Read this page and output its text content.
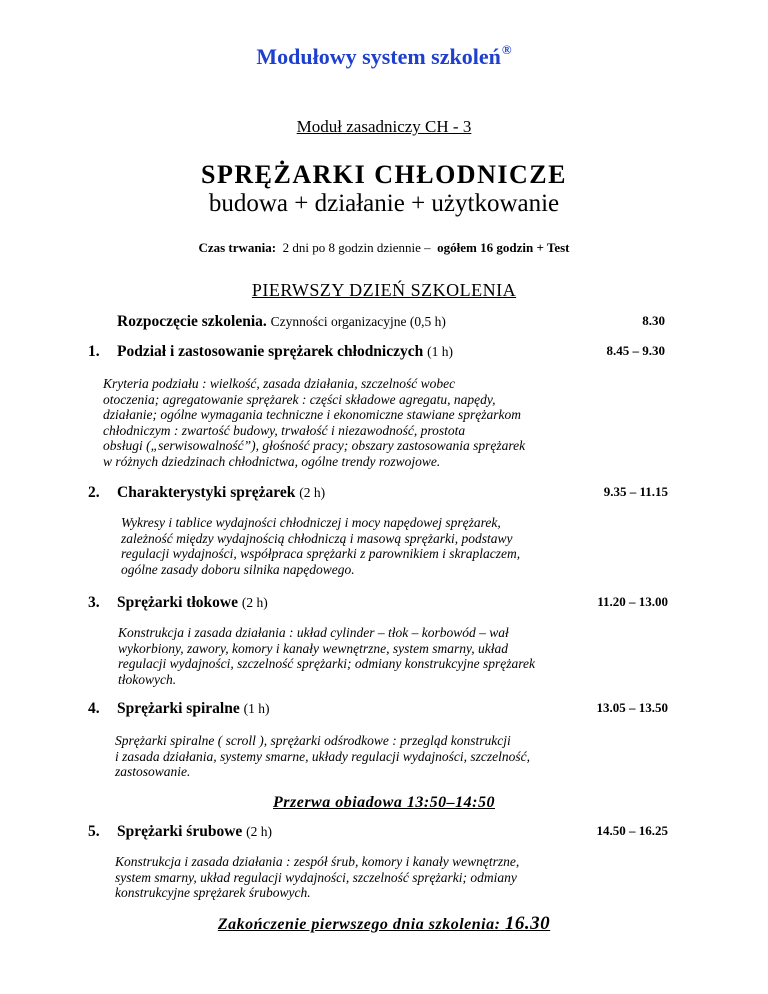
Modułowy system szkoleń®
Moduł zasadniczy CH - 3
SPRĘŻARKI CHŁODNICZE
budowa + działanie + użytkowanie
Czas trwania: 2 dni po 8 godzin dziennie – ogółem 16 godzin + Test
PIERWSZY DZIEŃ SZKOLENIA
Rozpoczęcie szkolenia. Czynności organizacyjne (0,5 h)	8.30
1. Podział i zastosowanie sprężarek chłodniczych (1 h)	8.45 – 9.30
Kryteria podziału : wielkość, zasada działania, szczelność wobec
otoczenia; agregatowanie sprężarek : części składowe agregatu, napędy,
działanie; ogólne wymagania techniczne i ekonomiczne stawiane sprężarkom
chłodniczym : zwartość budowy, trwałość i niezawodność, prostota
obsługi („serwisowalność”), głośność pracy; obszary zastosowania sprężarek
w różnych dziedzinach chłodnictwa, ogólne trendy rozwojowe.
2. Charakterystyki sprężarek (2 h)	9.35 – 11.15
Wykresy i tablice wydajności chłodniczej i mocy napędowej sprężarek,
zależność między wydajnością chłodniczą i masową sprężarki, podstawy
regulacji wydajności, współpraca sprężarki z parownikiem i skraplaczem,
ogólne zasady doboru silnika napędowego.
3. Sprężarki tłokowe (2 h)	11.20 – 13.00
Konstrukcja i zasada działania : układ cylinder – tłok – korbowód – wał
wykorbiony, zawory, komory i kanały wewnętrzne, system smarny, układ
regulacji wydajności, szczelność sprężarki; odmiany konstrukcyjne sprężarek
tłokowych.
4. Sprężarki spiralne (1 h)	13.05 – 13.50
Sprężarki spiralne ( scroll ), sprężarki odśrodkowe : przegląd konstrukcji
i zasada działania, systemy smarne, układy regulacji wydajności, szczelność,
zastosowanie.
Przerwa obiadowa 13:50–14:50
5. Sprężarki śrubowe (2 h)	14.50 – 16.25
Konstrukcja i zasada działania : zespół śrub, komory i kanały wewnętrzne,
system smarny, układ regulacji wydajności, szczelność sprężarki; odmiany
konstrukcyjne sprężarek śrubowych.
Zakończenie pierwszego dnia szkolenia: 16.30
